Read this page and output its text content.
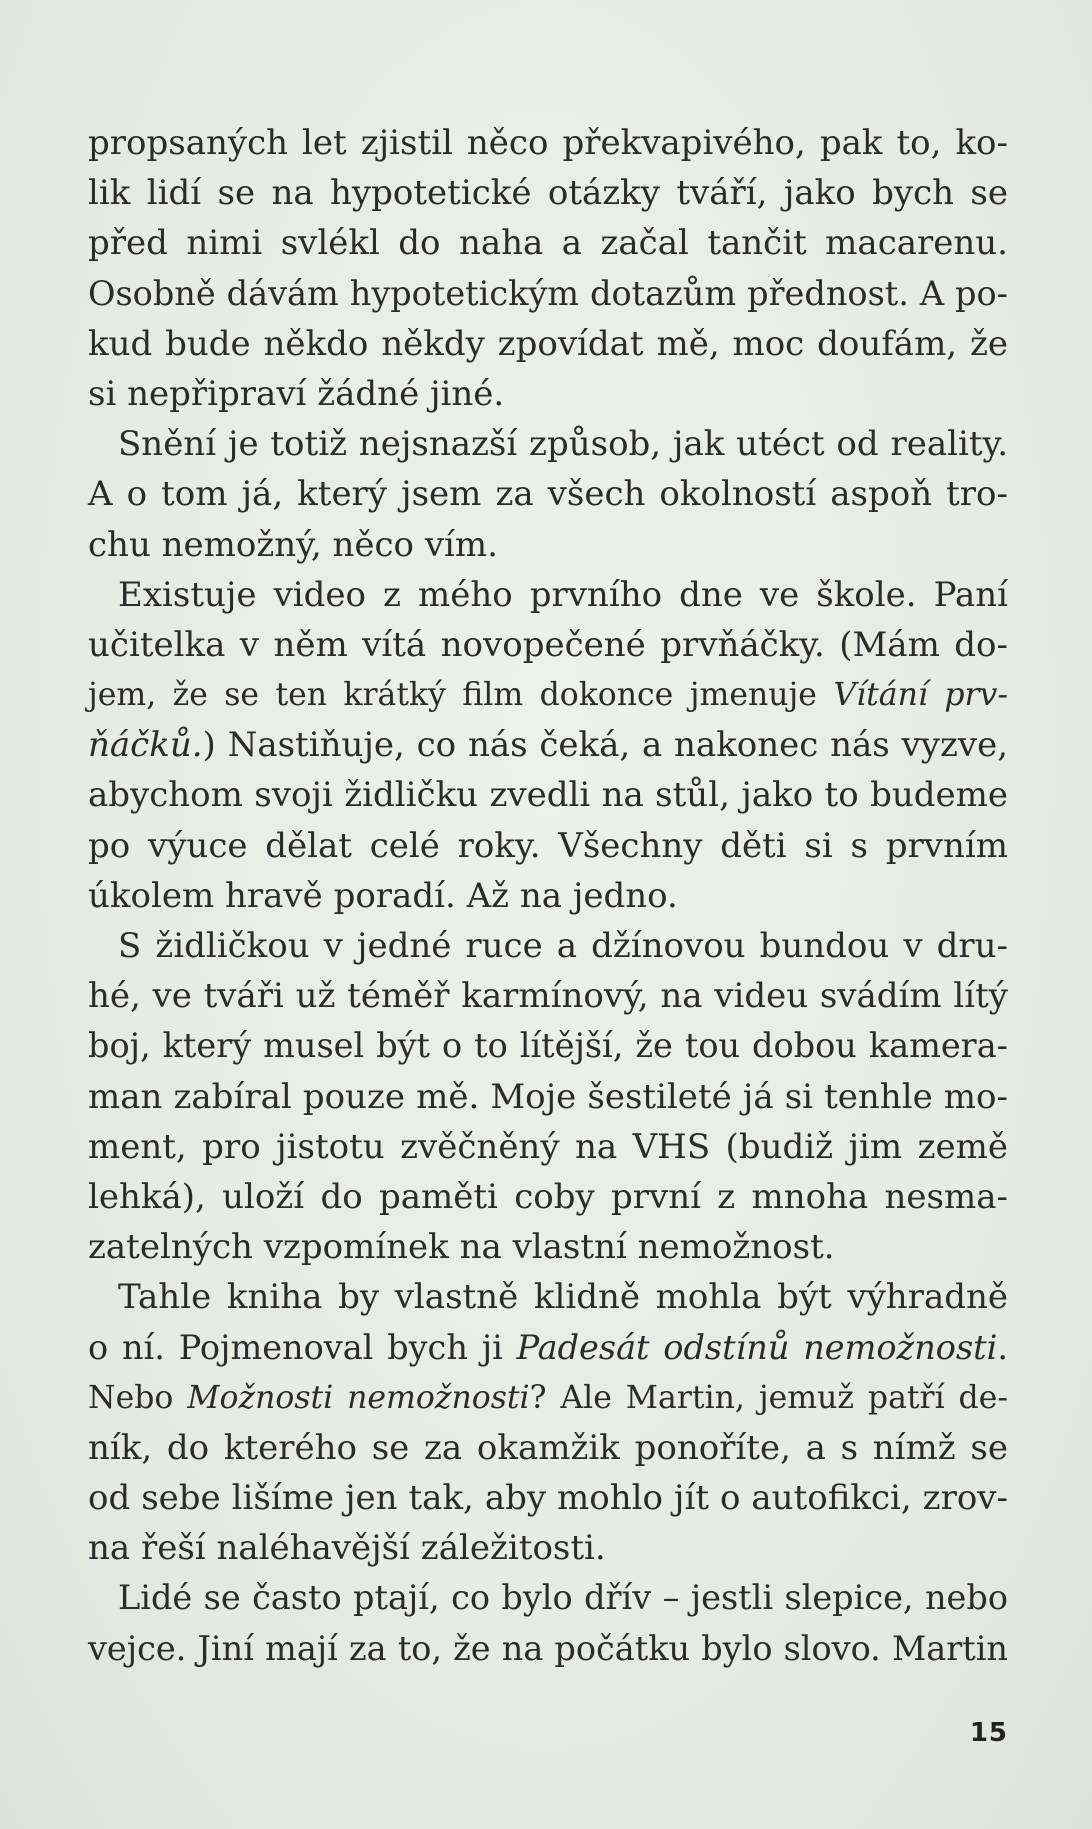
propsaných let zjistil něco překvapivého, pak to, ko-
lik lidí se na hypotetické otázky tváří, jako bych se
před nimi svlékl do naha a začal tančit macarenu.
Osobně dávám hypotetickým dotazům přednost. A po-
kud bude někdo někdy zpovídat mě, moc doufám, že
si nepřipraví žádné jiné.
Snění je totiž nejsnazší způsob, jak utéct od reality.
A o tom já, který jsem za všech okolností aspoň tro-
chu nemožný, něco vím.
Existuje video z mého prvního dne ve škole. Paní
učitelka v něm vítá novopečené prvňáčky. (Mám do-
jem, že se ten krátký film dokonce jmenuje Vítání prv-
ňáčků.) Nastiňuje, co nás čeká, a nakonec nás vyzve,
abychom svoji židličku zvedli na stůl, jako to budeme
po výuce dělat celé roky. Všechny děti si s prvním
úkolem hravě poradí. Až na jedno.
S židličkou v jedné ruce a džínovou bundou v dru-
hé, ve tváři už téměř karmínový, na videu svádím lítý
boj, který musel být o to lítější, že tou dobou kamera-
man zabíral pouze mě. Moje šestileté já si tenhle mo-
ment, pro jistotu zvěčněný na VHS (budiž jim země
lehká), uloží do paměti coby první z mnoha nesma-
zatelných vzpomínek na vlastní nemožnost.
Tahle kniha by vlastně klidně mohla být výhradně
o ní. Pojmenoval bych ji Padesát odstínů nemožnosti.
Nebo Možnosti nemožnosti? Ale Martin, jemuž patří de-
ník, do kterého se za okamžik ponoříte, a s nímž se
od sebe lišíme jen tak, aby mohlo jít o autofikci, zrov-
na řeší naléhavější záležitosti.
Lidé se často ptají, co bylo dřív – jestli slepice, nebo
vejce. Jiní mají za to, že na počátku bylo slovo. Martin
15
